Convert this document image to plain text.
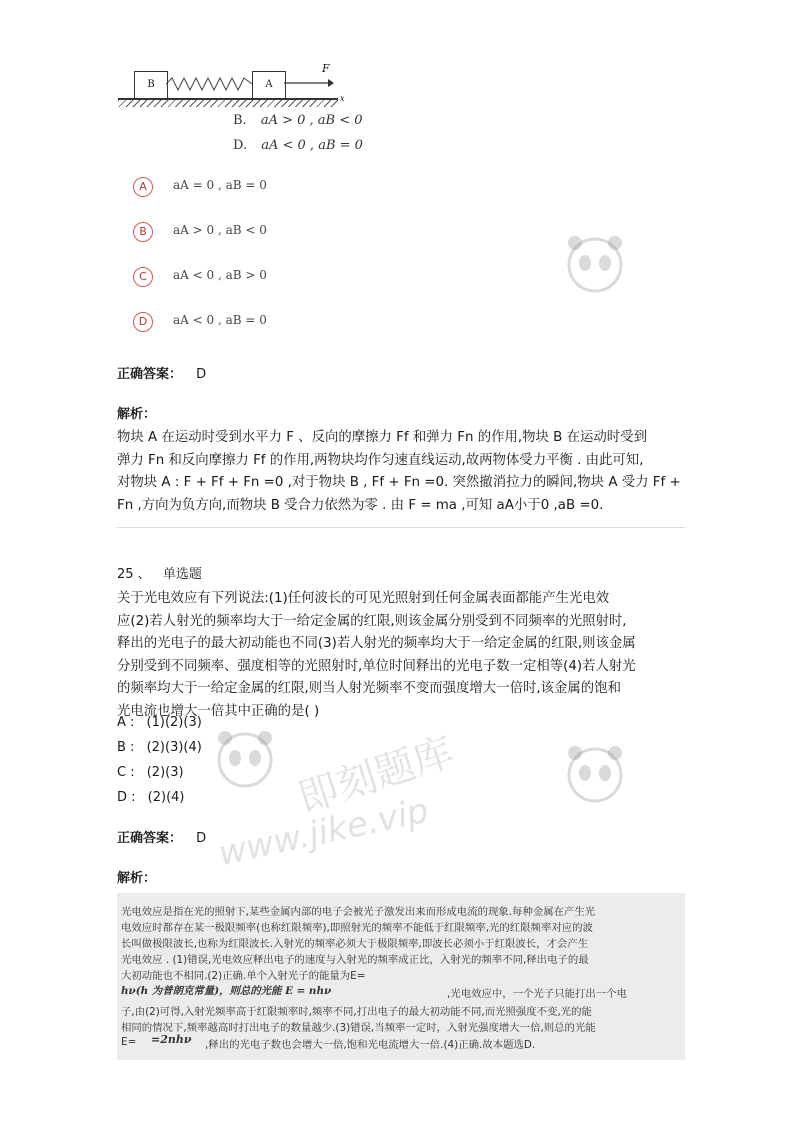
B	A
F
x
B. aA > 0 , aB < 0
D. aA < 0 , aB = 0
A	aA = 0 , aB = 0
B	aA > 0 , aB < 0
C	aA < 0 , aB > 0
D	aA < 0 , aB = 0
正确答案： D
解析：
物块 A 在运动时受到水平力 F 、反向的摩擦力 Ff 和弹力 Fn 的作用,物块 B 在运动时受到
弹力 Fn 和反向摩擦力 Ff 的作用,两物块均作匀速直线运动,故两物体受力平衡 . 由此可知,
对物块 A : F + Ff + Fn =0 ,对于物块 B , Ff + Fn =0. 突然撤消拉力的瞬间,物块 A 受力 Ff +
Fn ,方向为负方向,而物块 B 受合力依然为零 . 由 F = ma ,可知 aA小于0 ,aB =0.
25 、 单选题
关于光电效应有下列说法:(1)任何波长的可见光照射到任何金属表面都能产生光电效
应(2)若人射光的频率均大于一给定金属的红限,则该金属分别受到不同频率的光照射时,
释出的光电子的最大初动能也不同(3)若人射光的频率均大于一给定金属的红限,则该金属
分别受到不同频率、强度相等的光照射时,单位时间释出的光电子数一定相等(4)若人射光
的频率均大于一给定金属的红限,则当人射光频率不变而强度增大一倍时,该金属的饱和
光电流也增大一倍其中正确的是( )
A : (1)(2)(3)
B : (2)(3)(4)
C : (2)(3)
D : (2)(4)
正确答案： D
解析：
光电效应是指在光的照射下,某些金属内部的电子会被光子激发出来而形成电流的现象.每种金属在产生光
电效应时都存在某一极限频率(也称红限频率),即照射光的频率不能低于红限频率,光的红限频率对应的波
长叫做极限波长,也称为红限波长.入射光的频率必须大于极限频率,即波长必须小于红限波长，才会产生
光电效应 . (1)错误,光电效应释出电子的速度与入射光的频率成正比，入射光的频率不同,释出电子的最
大初动能也不相同.(2)正确.单个入射光子的能量为E=
hν(h 为普朗克常量)，则总的光能 E = nhν	,光电效应中，一个光子只能打出一个电
子,由(2)可得,入射光频率高于红限频率时,频率不同,打出电子的最大初动能不同,而光照强度不变,光的能
相同的情况下,频率越高时打出电子的数量越少.(3)错误,当频率一定时，入射光强度增大一倍,则总的光能
E= =2nhν ,释出的光电子数也会增大一倍,饱和光电流增大一倍.(4)正确.故本题选D.
即刻题库
www.jike.vip
